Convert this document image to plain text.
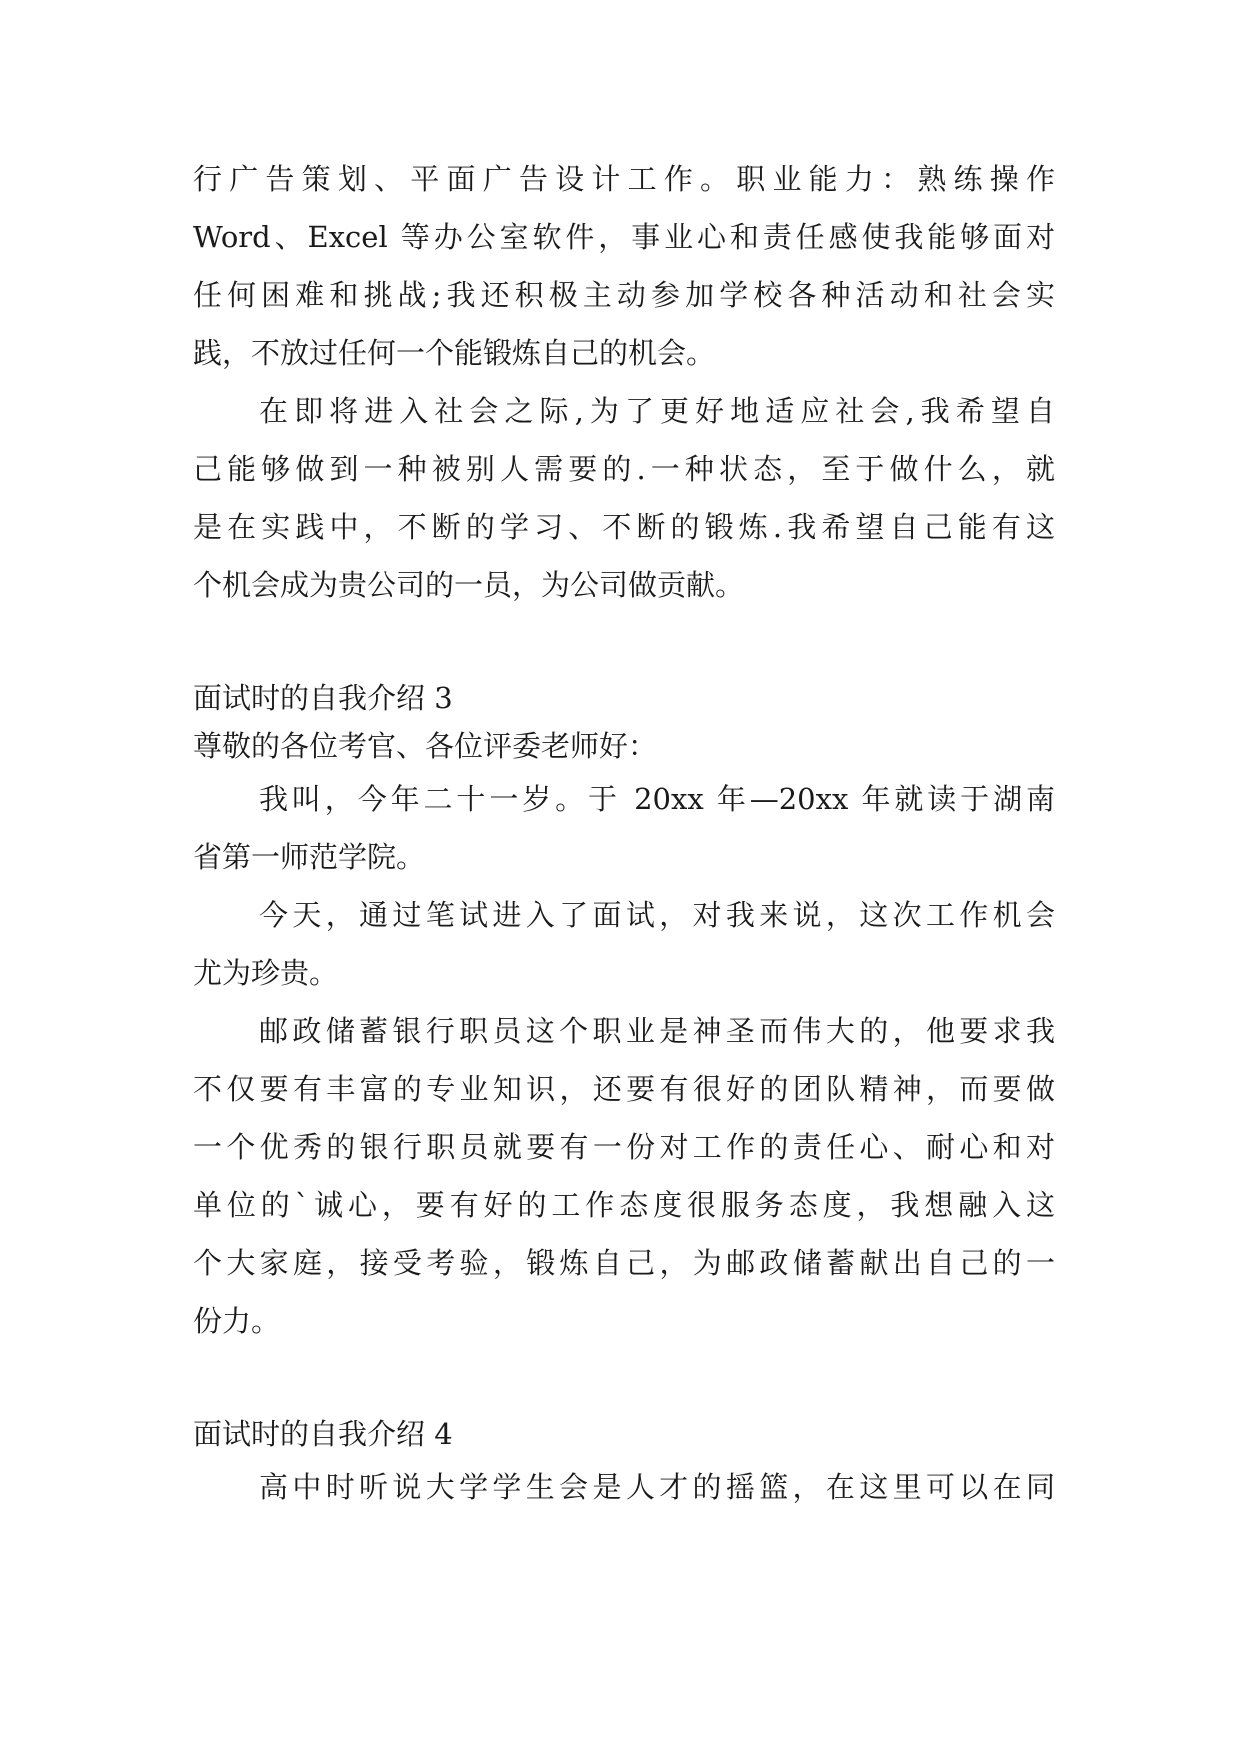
行广告策划、平面广告设计工作。职业能力：熟练操作
Word、Excel 等办公室软件，事业心和责任感使我能够面对
任何困难和挑战;我还积极主动参加学校各种活动和社会实
践，不放过任何一个能锻炼自己的机会。
在即将进入社会之际,为了更好地适应社会,我希望自
己能够做到一种被别人需要的.一种状态，至于做什么，就
是在实践中，不断的学习、不断的锻炼.我希望自己能有这
个机会成为贵公司的一员，为公司做贡献。
面试时的自我介绍 3
尊敬的各位考官、各位评委老师好：
我叫，今年二十一岁。于 20xx 年—20xx 年就读于湖南
省第一师范学院。
今天，通过笔试进入了面试，对我来说，这次工作机会
尤为珍贵。
邮政储蓄银行职员这个职业是神圣而伟大的，他要求我
不仅要有丰富的专业知识，还要有很好的团队精神，而要做
一个优秀的银行职员就要有一份对工作的责任心、耐心和对
单位的`诚心，要有好的工作态度很服务态度，我想融入这
个大家庭，接受考验，锻炼自己，为邮政储蓄献出自己的一
份力。
面试时的自我介绍 4
高中时听说大学学生会是人才的摇篮，在这里可以在同
